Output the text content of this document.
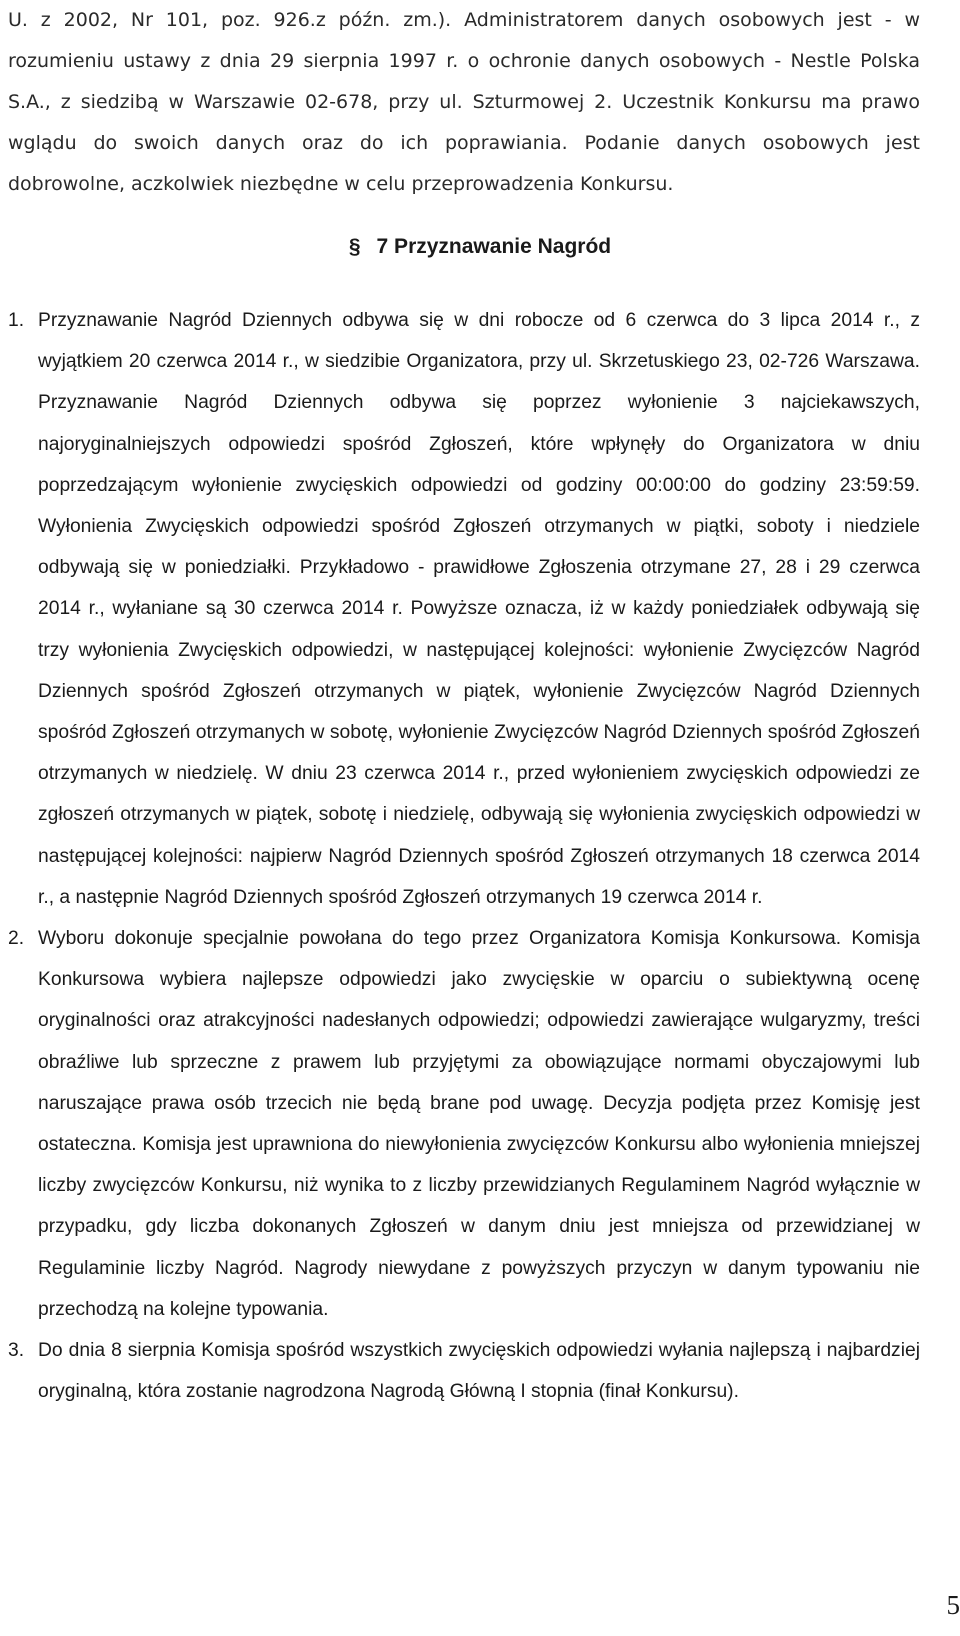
U. z 2002, Nr 101, poz. 926.z późn. zm.). Administratorem danych osobowych jest - w rozumieniu ustawy z dnia 29 sierpnia 1997 r. o ochronie danych osobowych - Nestle Polska S.A., z siedzibą w Warszawie 02-678, przy ul. Szturmowej 2. Uczestnik Konkursu ma prawo wglądu do swoich danych oraz do ich poprawiania. Podanie danych osobowych jest dobrowolne, aczkolwiek niezbędne w celu przeprowadzenia Konkursu.

§ 7 Przyznawanie Nagród
1. Przyznawanie Nagród Dziennych odbywa się w dni robocze od 6 czerwca do 3 lipca 2014 r., z wyjątkiem 20 czerwca 2014 r., w siedzibie Organizatora, przy ul. Skrzetuskiego 23, 02-726 Warszawa. Przyznawanie Nagród Dziennych odbywa się poprzez wyłonienie 3 najciekawszych, najoryginalniejszych odpowiedzi spośród Zgłoszeń, które wpłynęły do Organizatora w dniu poprzedzającym wyłonienie zwycięskich odpowiedzi od godziny 00:00:00 do godziny 23:59:59. Wyłonienia Zwycięskich odpowiedzi spośród Zgłoszeń otrzymanych w piątki, soboty i niedziele odbywają się w poniedziałki. Przykładowo - prawidłowe Zgłoszenia otrzymane 27, 28 i 29 czerwca 2014 r., wyłaniane są 30 czerwca 2014 r. Powyższe oznacza, iż w każdy poniedziałek odbywają się trzy wyłonienia Zwycięskich odpowiedzi, w następującej kolejności: wyłonienie Zwycięzców Nagród Dziennych spośród Zgłoszeń otrzymanych w piątek, wyłonienie Zwycięzców Nagród Dziennych spośród Zgłoszeń otrzymanych w sobotę, wyłonienie Zwycięzców Nagród Dziennych spośród Zgłoszeń otrzymanych w niedzielę. W dniu 23 czerwca 2014 r., przed wyłonieniem zwycięskich odpowiedzi ze zgłoszeń otrzymanych w piątek, sobotę i niedzielę, odbywają się wyłonienia zwycięskich odpowiedzi w następującej kolejności: najpierw Nagród Dziennych spośród Zgłoszeń otrzymanych 18 czerwca 2014 r., a następnie Nagród Dziennych spośród Zgłoszeń otrzymanych 19 czerwca 2014 r.
2. Wyboru dokonuje specjalnie powołana do tego przez Organizatora Komisja Konkursowa. Komisja Konkursowa wybiera najlepsze odpowiedzi jako zwycięskie w oparciu o subiektywną ocenę oryginalności oraz atrakcyjności nadesłanych odpowiedzi; odpowiedzi zawierające wulgaryzmy, treści obraźliwe lub sprzeczne z prawem lub przyjętymi za obowiązujące normami obyczajowymi lub naruszające prawa osób trzecich nie będą brane pod uwagę. Decyzja podjęta przez Komisję jest ostateczna. Komisja jest uprawniona do niewyłonienia zwycięzców Konkursu albo wyłonienia mniejszej liczby zwycięzców Konkursu, niż wynika to z liczby przewidzianych Regulaminem Nagród wyłącznie w przypadku, gdy liczba dokonanych Zgłoszeń w danym dniu jest mniejsza od przewidzianej w Regulaminie liczby Nagród. Nagrody niewydane z powyższych przyczyn w danym typowaniu nie przechodzą na kolejne typowania.
3. Do dnia 8 sierpnia Komisja spośród wszystkich zwycięskich odpowiedzi wyłania najlepszą i najbardziej oryginalną, która zostanie nagrodzona Nagrodą Główną I stopnia (finał Konkursu).

5
